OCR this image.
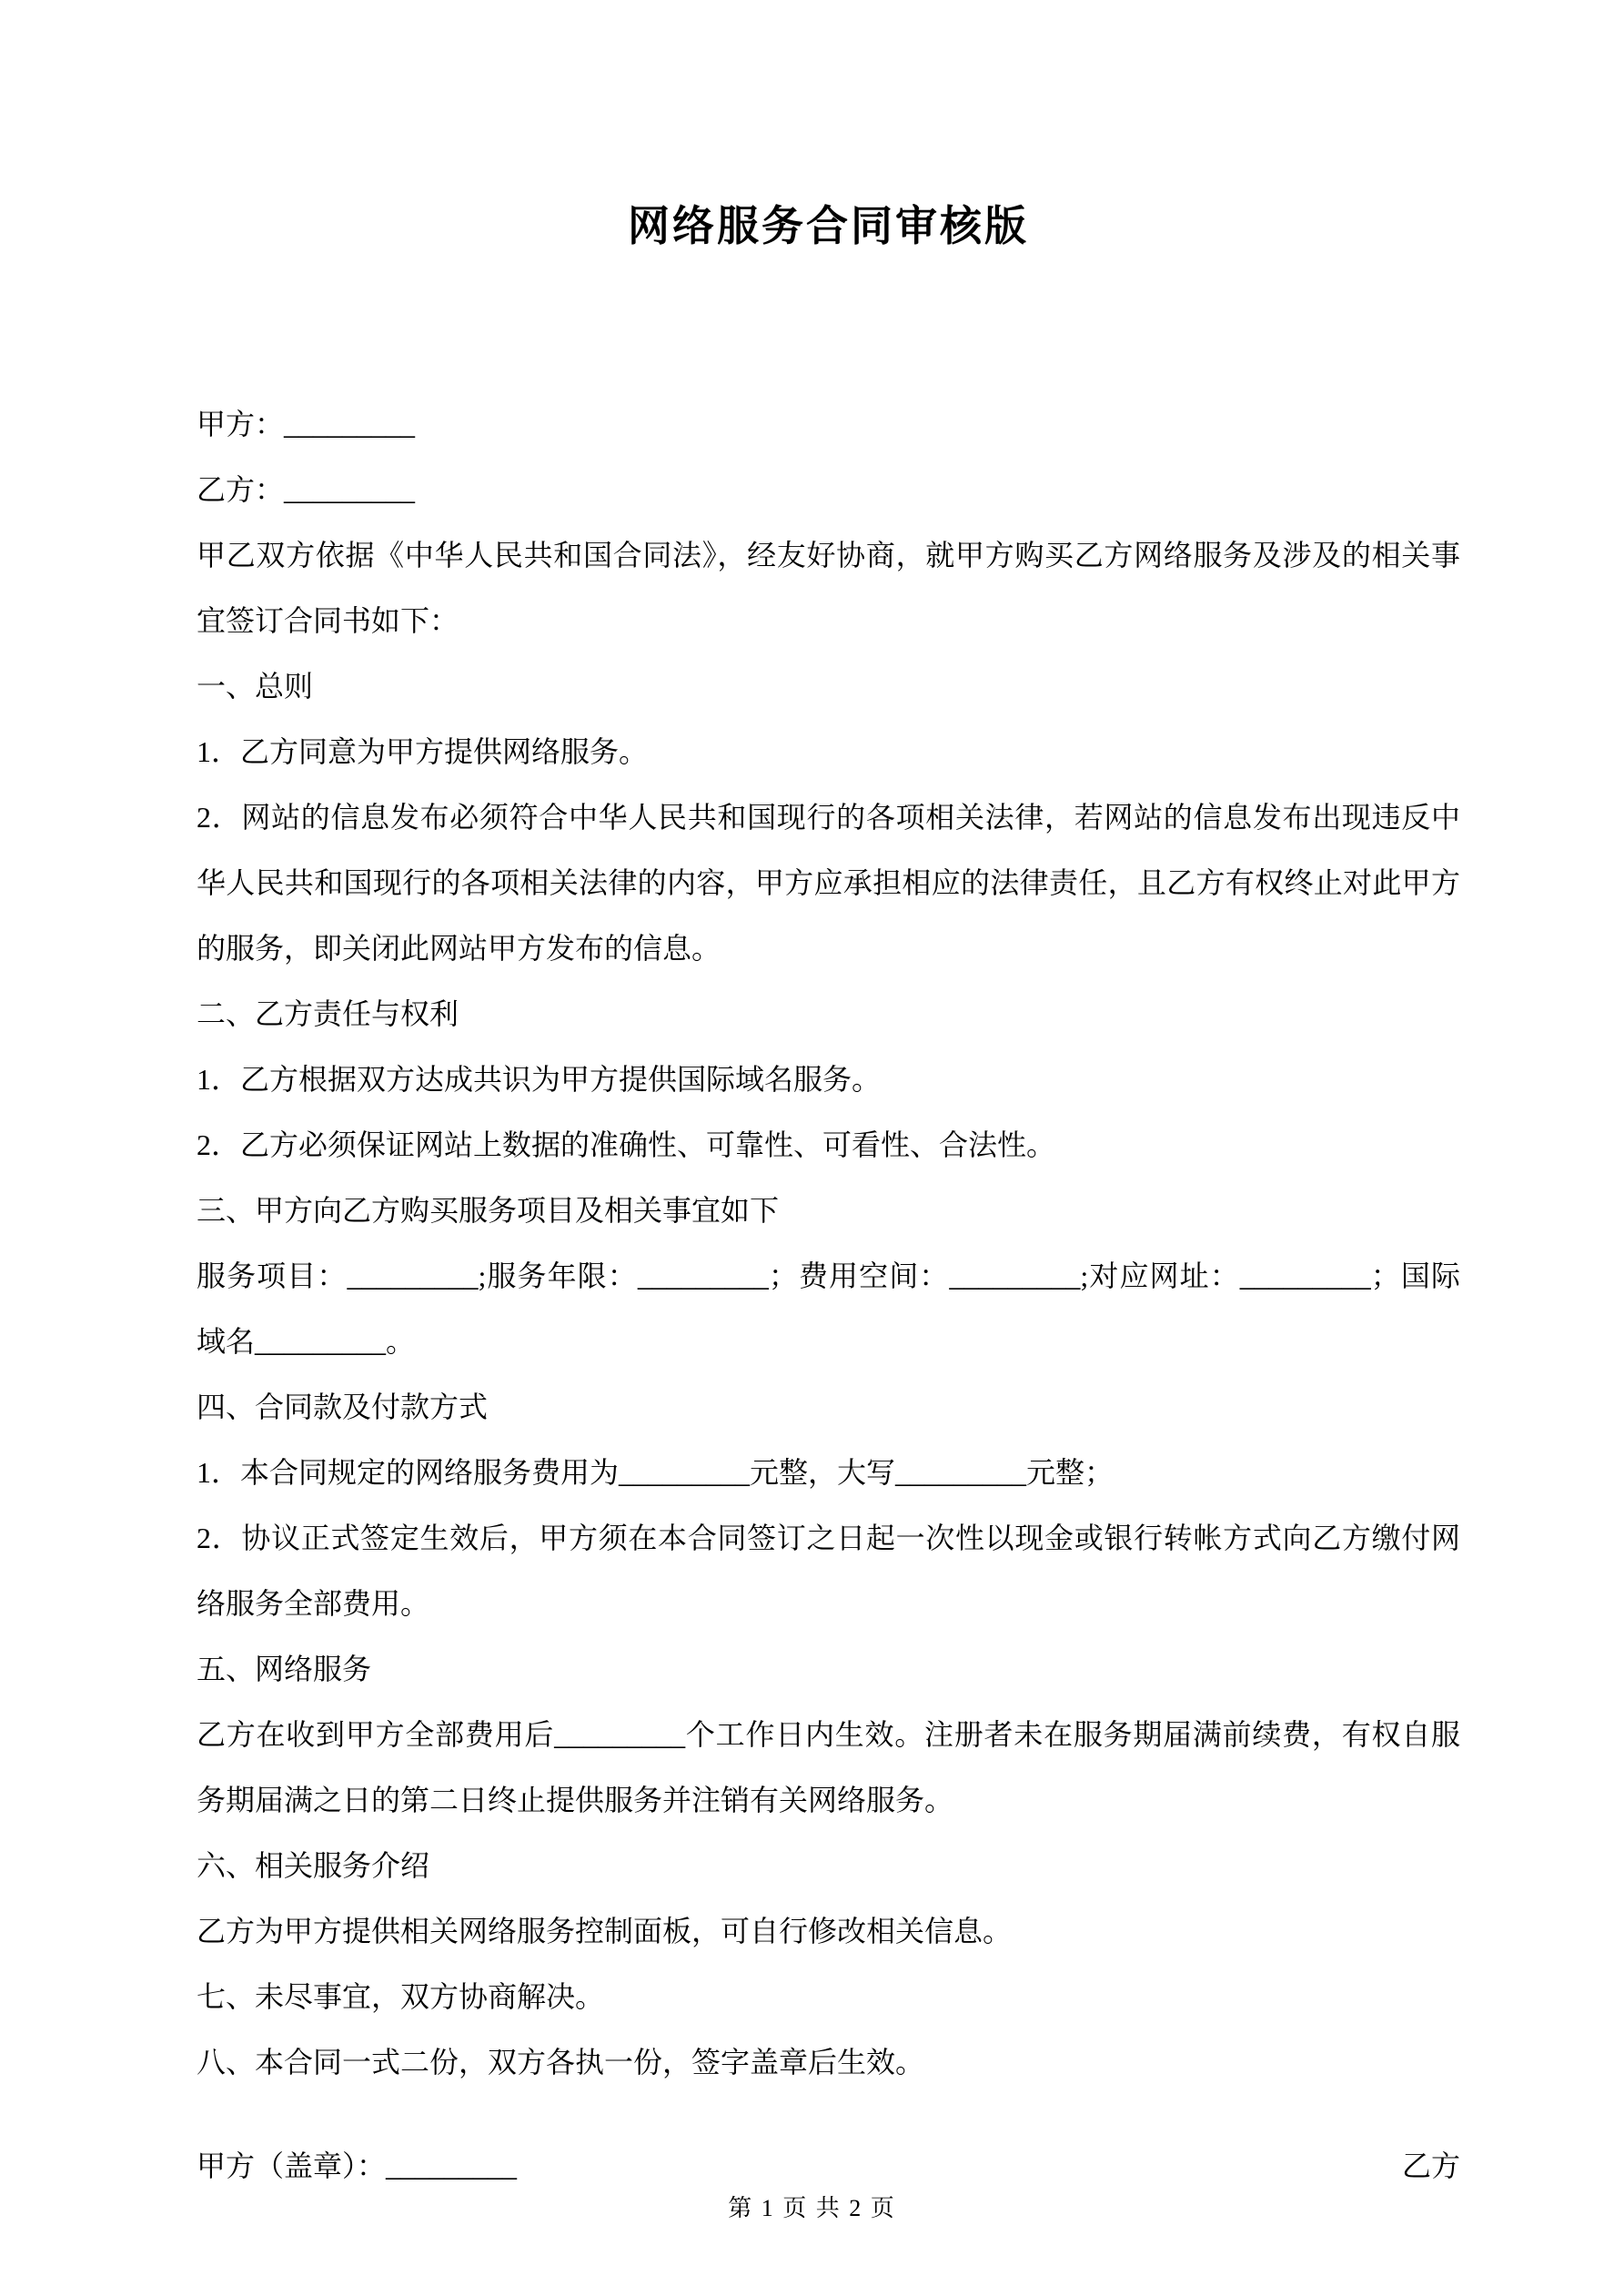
网络服务合同审核版

甲方：_________

乙方：_________

甲乙双方依据《中华人民共和国合同法》，经友好协商，就甲方购买乙方网络服务及涉及的相关事宜签订合同书如下：

一、总则

1．乙方同意为甲方提供网络服务。

2．网站的信息发布必须符合中华人民共和国现行的各项相关法律，若网站的信息发布出现违反中华人民共和国现行的各项相关法律的内容，甲方应承担相应的法律责任，且乙方有权终止对此甲方的服务，即关闭此网站甲方发布的信息。

二、乙方责任与权利

1．乙方根据双方达成共识为甲方提供国际域名服务。

2．乙方必须保证网站上数据的准确性、可靠性、可看性、合法性。

三、甲方向乙方购买服务项目及相关事宜如下

服务项目：_________;服务年限：_________；费用空间：_________;对应网址：_________；国际域名_________。

四、合同款及付款方式

1．本合同规定的网络服务费用为_________元整，大写_________元整；

2．协议正式签定生效后，甲方须在本合同签订之日起一次性以现金或银行转帐方式向乙方缴付网络服务全部费用。

五、网络服务

乙方在收到甲方全部费用后_________个工作日内生效。注册者未在服务期届满前续费，有权自服务期届满之日的第二日终止提供服务并注销有关网络服务。

六、相关服务介绍

乙方为甲方提供相关网络服务控制面板，可自行修改相关信息。

七、未尽事宜，双方协商解决。

八、本合同一式二份，双方各执一份，签字盖章后生效。

甲方（盖章）：_________	乙方
第 1 页 共 2 页
